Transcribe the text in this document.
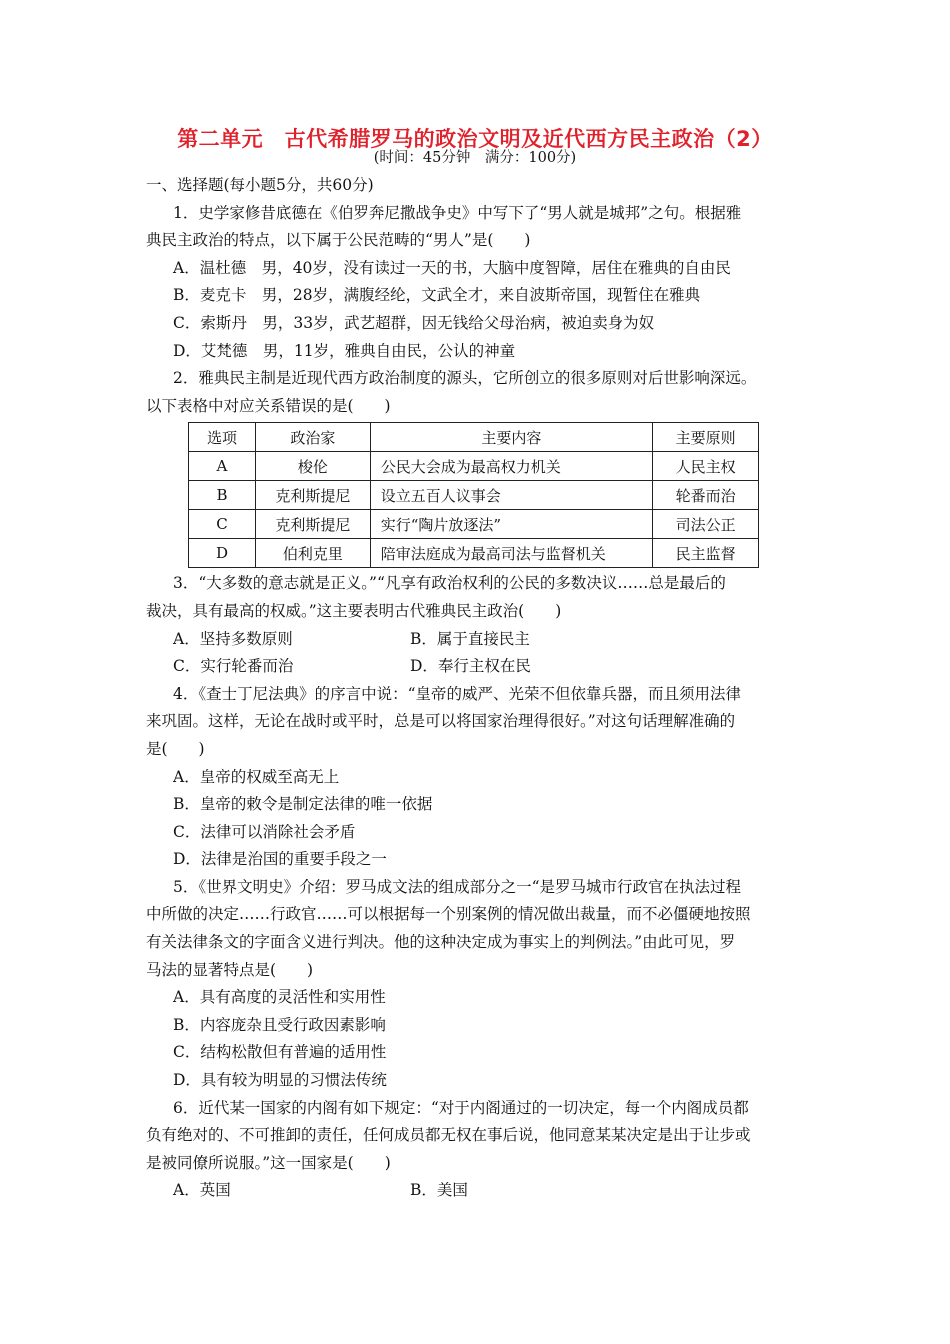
第二单元　古代希腊罗马的政治文明及近代西方民主政治（2）
(时间：45分钟　满分：100分)
一、选择题(每小题5分，共60分)
1．史学家修昔底德在《伯罗奔尼撒战争史》中写下了“男人就是城邦”之句。根据雅
典民主政治的特点，以下属于公民范畴的“男人”是(　　)
A．温杜德　男，40岁，没有读过一天的书，大脑中度智障，居住在雅典的自由民
B．麦克卡　男，28岁，满腹经纶，文武全才，来自波斯帝国，现暂住在雅典
C．索斯丹　男，33岁，武艺超群，因无钱给父母治病，被迫卖身为奴
D．艾梵德　男，11岁，雅典自由民，公认的神童
2．雅典民主制是近现代西方政治制度的源头，它所创立的很多原则对后世影响深远。
以下表格中对应关系错误的是(　　)
选项	政治家	主要内容	主要原则
A	梭伦	公民大会成为最高权力机关	人民主权
B	克利斯提尼	设立五百人议事会	轮番而治
C	克利斯提尼	实行“陶片放逐法”	司法公正
D	伯利克里	陪审法庭成为最高司法与监督机关	民主监督
3．“大多数的意志就是正义。”“凡享有政治权利的公民的多数决议……总是最后的
裁决，具有最高的权威。”这主要表明古代雅典民主政治(　　)
A．坚持多数原则	B．属于直接民主
C．实行轮番而治	D．奉行主权在民
4．《查士丁尼法典》的序言中说：“皇帝的威严、光荣不但依靠兵器，而且须用法律
来巩固。这样，无论在战时或平时，总是可以将国家治理得很好。”对这句话理解准确的
是(　　)
A．皇帝的权威至高无上
B．皇帝的敕令是制定法律的唯一依据
C．法律可以消除社会矛盾
D．法律是治国的重要手段之一
5．《世界文明史》介绍：罗马成文法的组成部分之一“是罗马城市行政官在执法过程
中所做的决定……行政官……可以根据每一个别案例的情况做出裁量，而不必僵硬地按照
有关法律条文的字面含义进行判决。他的这种决定成为事实上的判例法。”由此可见，罗
马法的显著特点是(　　)
A．具有高度的灵活性和实用性
B．内容庞杂且受行政因素影响
C．结构松散但有普遍的适用性
D．具有较为明显的习惯法传统
6．近代某一国家的内阁有如下规定：“对于内阁通过的一切决定，每一个内阁成员都
负有绝对的、不可推卸的责任，任何成员都无权在事后说，他同意某某决定是出于让步或
是被同僚所说服。”这一国家是(　　)
A．英国	B．美国
